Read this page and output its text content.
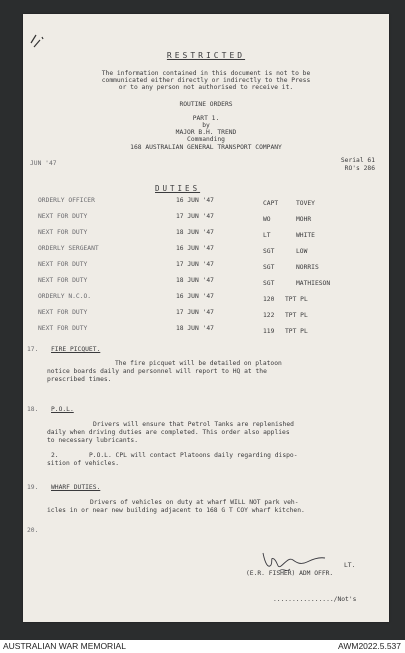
RESTRICTED
The information contained in this document is not to be
communicated either directly or indirectly to the Press
or to any person not authorised to receive it.
ROUTINE ORDERS
PART 1.
by
MAJOR B.H. TREND
Commanding
168 AUSTRALIAN GENERAL TRANSPORT COMPANY
JUN '47	Serial 61
RO's 286
DUTIES
ORDERLY OFFICER	16 JUN '47	CAPT	TOVEY
NEXT FOR DUTY	17 JUN '47	WO	MOHR
NEXT FOR DUTY	18 JUN '47	LT	WHITE
ORDERLY SERGEANT	16 JUN '47	SGT	LOW
NEXT FOR DUTY	17 JUN '47	SGT	NORRIS
NEXT FOR DUTY	18 JUN '47	SGT	MATHIESON
ORDERLY N.C.O.	16 JUN '47	120 TPT PL
NEXT FOR DUTY	17 JUN '47	122 TPT PL
NEXT FOR DUTY	18 JUN '47	119 TPT PL
17. FIRE PICQUET.
The fire picquet will be detailed on platoon
notice boards daily and personnel will report to HQ at the
prescribed times.
18. P.O.L.
Drivers will ensure that Petrol Tanks are replenished
daily when driving duties are completed. This order also applies
to necessary lubricants.
2.	P.O.L. CPL will contact Platoons daily regarding dispo-
sition of vehicles.
19. WHARF DUTIES.
Drivers of vehicles on duty at wharf WILL NOT park veh-
icles in or near new building adjacent to 168 G T COY wharf kitchen.
20.
LT.
(E.R. FISHER) ADM OFFR.
................/Not's
AUSTRALIAN WAR MEMORIAL	AWM2022.5.537
